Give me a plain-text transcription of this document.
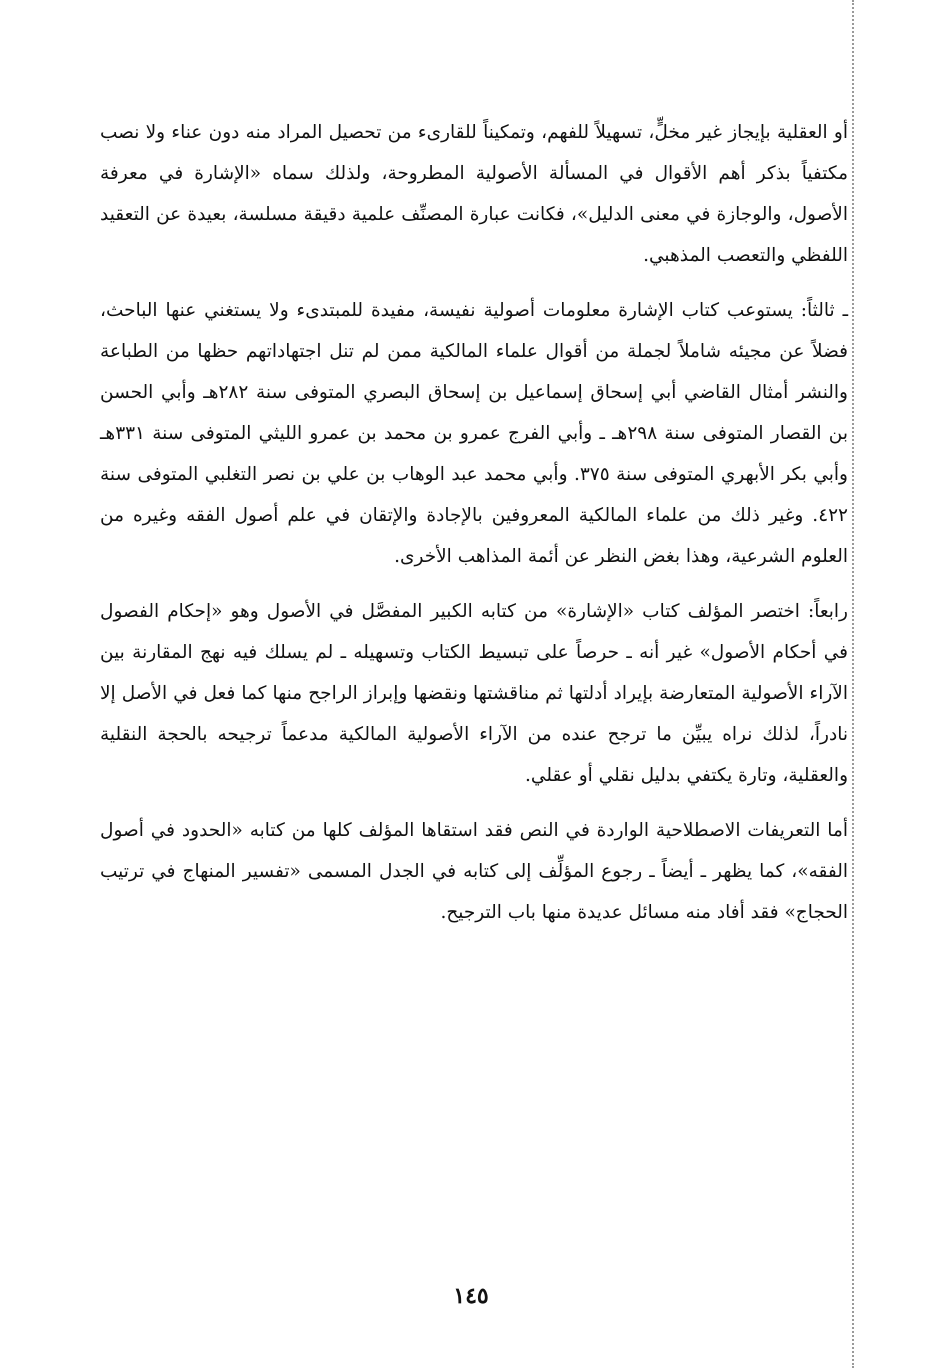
أو العقلية بإيجاز غير مخلٍّ، تسهيلاً للفهم، وتمكيناً للقارىء من تحصيل المراد منه دون عناء ولا نصب مكتفياً بذكر أهم الأقوال في المسألة الأصولية المطروحة، ولذلك سماه «الإشارة في معرفة الأصول، والوجازة في معنى الدليل»، فكانت عبارة المصنِّف علمية دقيقة مسلسة، بعيدة عن التعقيد اللفظي والتعصب المذهبي.

ـ ثالثاً: يستوعب كتاب الإشارة معلومات أصولية نفيسة، مفيدة للمبتدىء ولا يستغني عنها الباحث، فضلاً عن مجيئه شاملاً لجملة من أقوال علماء المالكية ممن لم تنل اجتهاداتهم حظها من الطباعة والنشر أمثال القاضي أبي إسحاق إسماعيل بن إسحاق البصري المتوفى سنة ٢٨٢هـ وأبي الحسن بن القصار المتوفى سنة ٢٩٨هـ ـ وأبي الفرج عمرو بن محمد بن عمرو الليثي المتوفى سنة ٣٣١هـ وأبي بكر الأبهري المتوفى سنة ٣٧٥. وأبي محمد عبد الوهاب بن علي بن نصر التغلبي المتوفى سنة ٤٢٢. وغير ذلك من علماء المالكية المعروفين بالإجادة والإتقان في علم أصول الفقه وغيره من العلوم الشرعية، وهذا بغض النظر عن أئمة المذاهب الأخرى.

رابعاً: اختصر المؤلف كتاب «الإشارة» من كتابه الكبير المفصَّل في الأصول وهو «إحكام الفصول في أحكام الأصول» غير أنه ـ حرصاً على تبسيط الكتاب وتسهيله ـ لم يسلك فيه نهج المقارنة بين الآراء الأصولية المتعارضة بإيراد أدلتها ثم مناقشتها ونقضها وإبراز الراجح منها كما فعل في الأصل إلا نادراً، لذلك نراه يبيِّن ما ترجح عنده من الآراء الأصولية المالكية مدعماً ترجيحه بالحجة النقلية والعقلية، وتارة يكتفي بدليل نقلي أو عقلي.

أما التعريفات الاصطلاحية الواردة في النص فقد استقاها المؤلف كلها من كتابه «الحدود في أصول الفقه»، كما يظهر ـ أيضاً ـ رجوع المؤلِّف إلى كتابه في الجدل المسمى «تفسير المنهاج في ترتيب الحجاج» فقد أفاد منه مسائل عديدة منها باب الترجيح.

١٤٥
